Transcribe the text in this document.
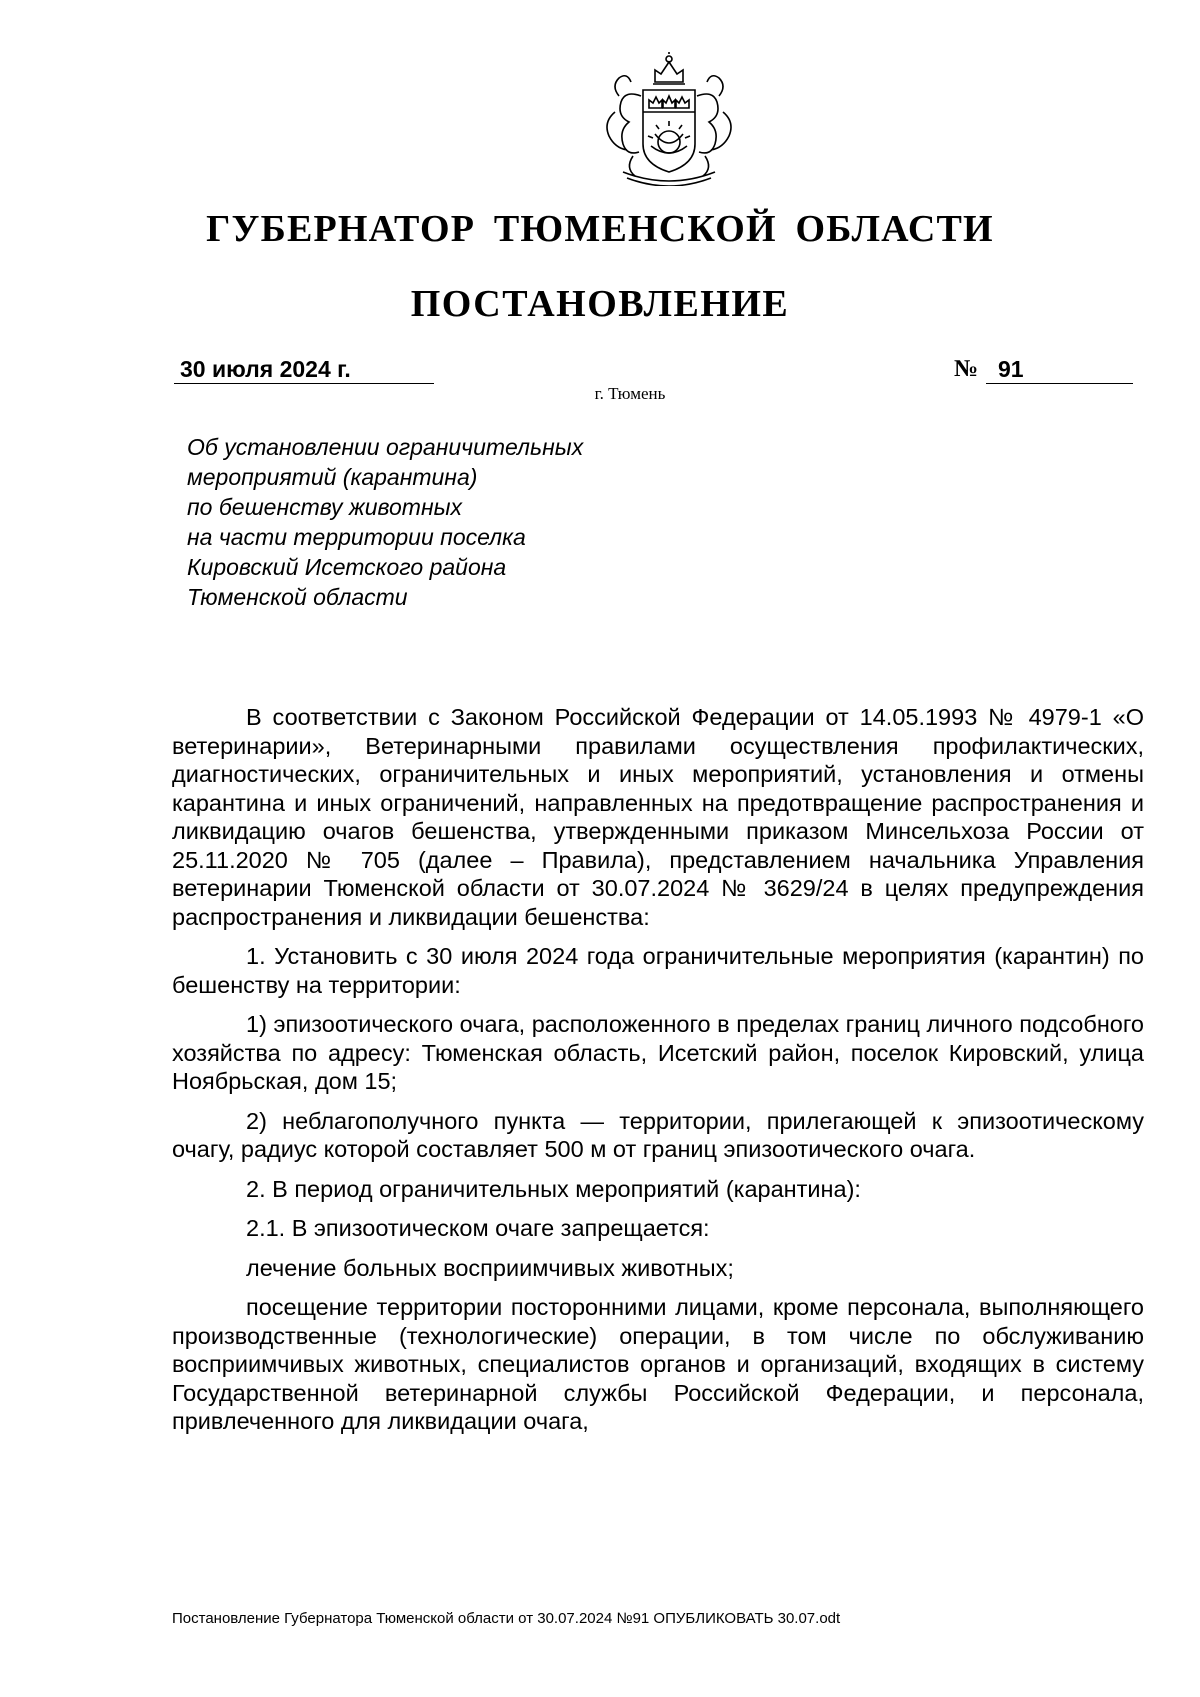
ГУБЕРНАТОР ТЮМЕНСКОЙ ОБЛАСТИ
ПОСТАНОВЛЕНИЕ
30 июля 2024 г.	№ 91
г. Тюмень
Об установлении ограничительных
мероприятий (карантина)
по бешенству животных
на части территории поселка
Кировский Исетского района
Тюменской области

В соответствии с Законом Российской Федерации от 14.05.1993 № 4979-1 «О ветеринарии», Ветеринарными правилами осуществления профилактических, диагностических, ограничительных и иных мероприятий, установления и отмены карантина и иных ограничений, направленных на предотвращение распространения и ликвидацию очагов бешенства, утвержденными приказом Минсельхоза России от 25.11.2020 № 705 (далее – Правила), представлением начальника Управления ветеринарии Тюменской области от 30.07.2024 № 3629/24 в целях предупреждения распространения и ликвидации бешенства:

1. Установить с 30 июля 2024 года ограничительные мероприятия (карантин) по бешенству на территории:

1) эпизоотического очага, расположенного в пределах границ личного подсобного хозяйства по адресу: Тюменская область, Исетский район, поселок Кировский, улица Ноябрьская, дом 15;

2) неблагополучного пункта — территории, прилегающей к эпизоотическому очагу, радиус которой составляет 500 м от границ эпизоотического очага.

2. В период ограничительных мероприятий (карантина):

2.1. В эпизоотическом очаге запрещается:

лечение больных восприимчивых животных;

посещение территории посторонними лицами, кроме персонала, выполняющего производственные (технологические) операции, в том числе по обслуживанию восприимчивых животных, специалистов органов и организаций, входящих в систему Государственной ветеринарной службы Российской Федерации, и персонала, привлеченного для ликвидации очага,

Постановление Губернатора Тюменской области от 30.07.2024 №91 ОПУБЛИКОВАТЬ 30.07.odt
